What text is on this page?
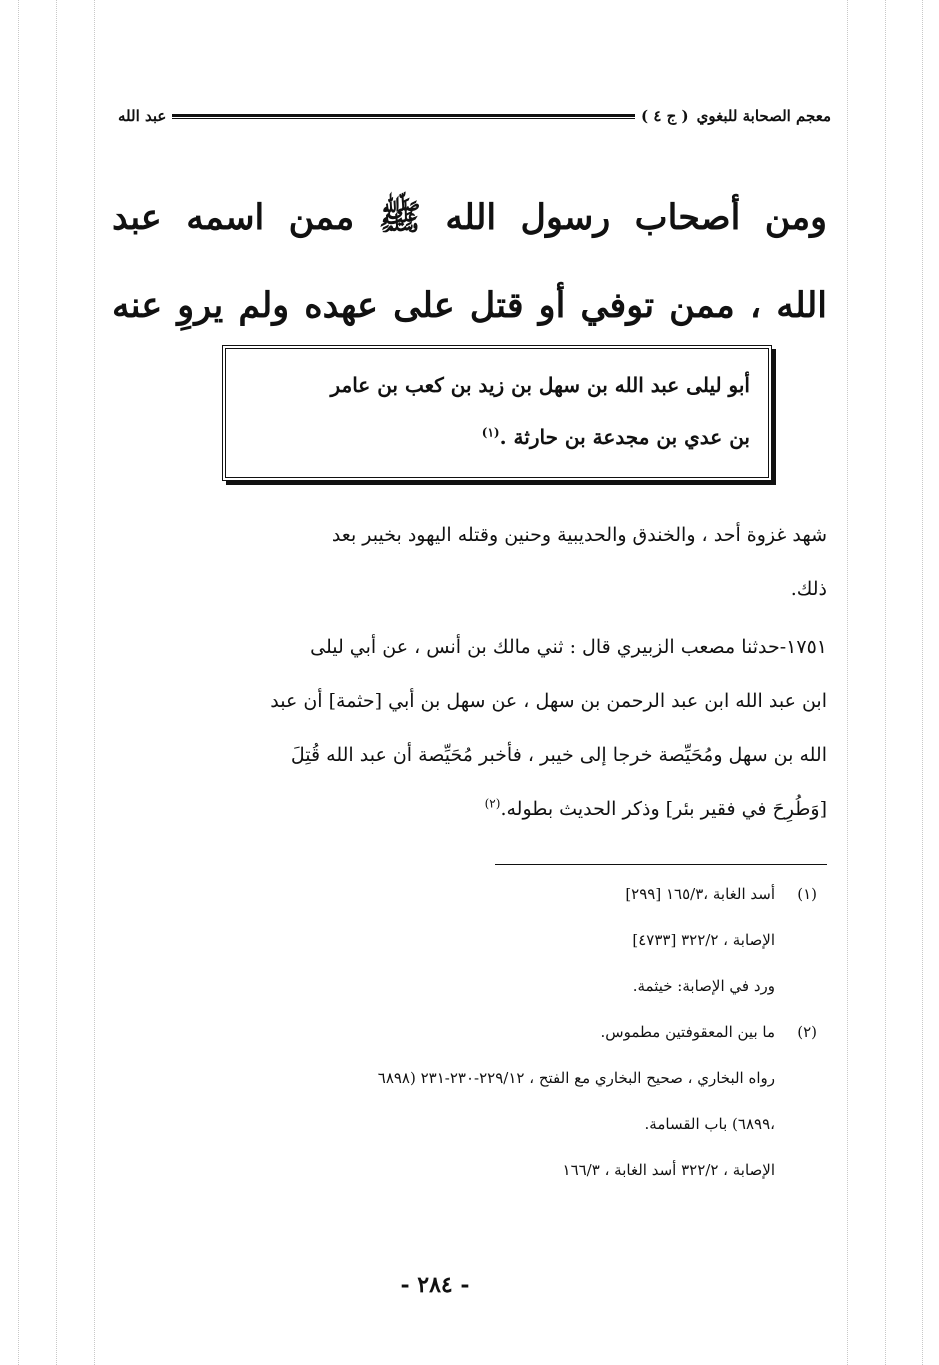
معجم الصحابة للبغوي
( ج ٤ )
عبد الله
ومن أصحاب رسول الله ﷺ ممن اسمه عبد
الله ، ممن توفي أو قتل على عهده ولم يروِ عنه
أبو ليلى عبد الله بن سهل بن زيد بن كعب بن عامر
بن عدي بن مجدعة بن حارثة .$^{(١)}$

شهد غزوة أحد ، والخندق والحديبية وحنين وقتله اليهود بخيبر بعد
ذلك.

١٧٥١-حدثنا مصعب الزبيري قال : ثني مالك بن أنس ، عن أبي ليلى
ابن عبد الله ابن عبد الرحمن بن سهل ، عن سهل بن أبي [حثمة] أن عبد
الله بن سهل ومُحَيِّصة خرجا إلى خيبر ، فأخبر مُحَيِّصة أن عبد الله قُتِلَ
[وَطُرِحَ في فقير بئر] وذكر الحديث بطوله.$^{(٢)}$

(١)
أسد الغابة ،١٦٥/٣ [٢٩٩]
الإصابة ، ٣٢٢/٢ [٤٧٣٣]
ورد في الإصابة: خيثمة.
(٢)
ما بين المعقوفتين مطموس.
رواه البخاري ، صحيح البخاري مع الفتح ، ٢٢٩/١٢-٢٣٠-٢٣١ (٦٨٩٨
،٦٨٩٩) باب القسامة.
الإصابة ، ٣٢٢/٢ أسد الغابة ، ١٦٦/٣
- ٢٨٤ -
